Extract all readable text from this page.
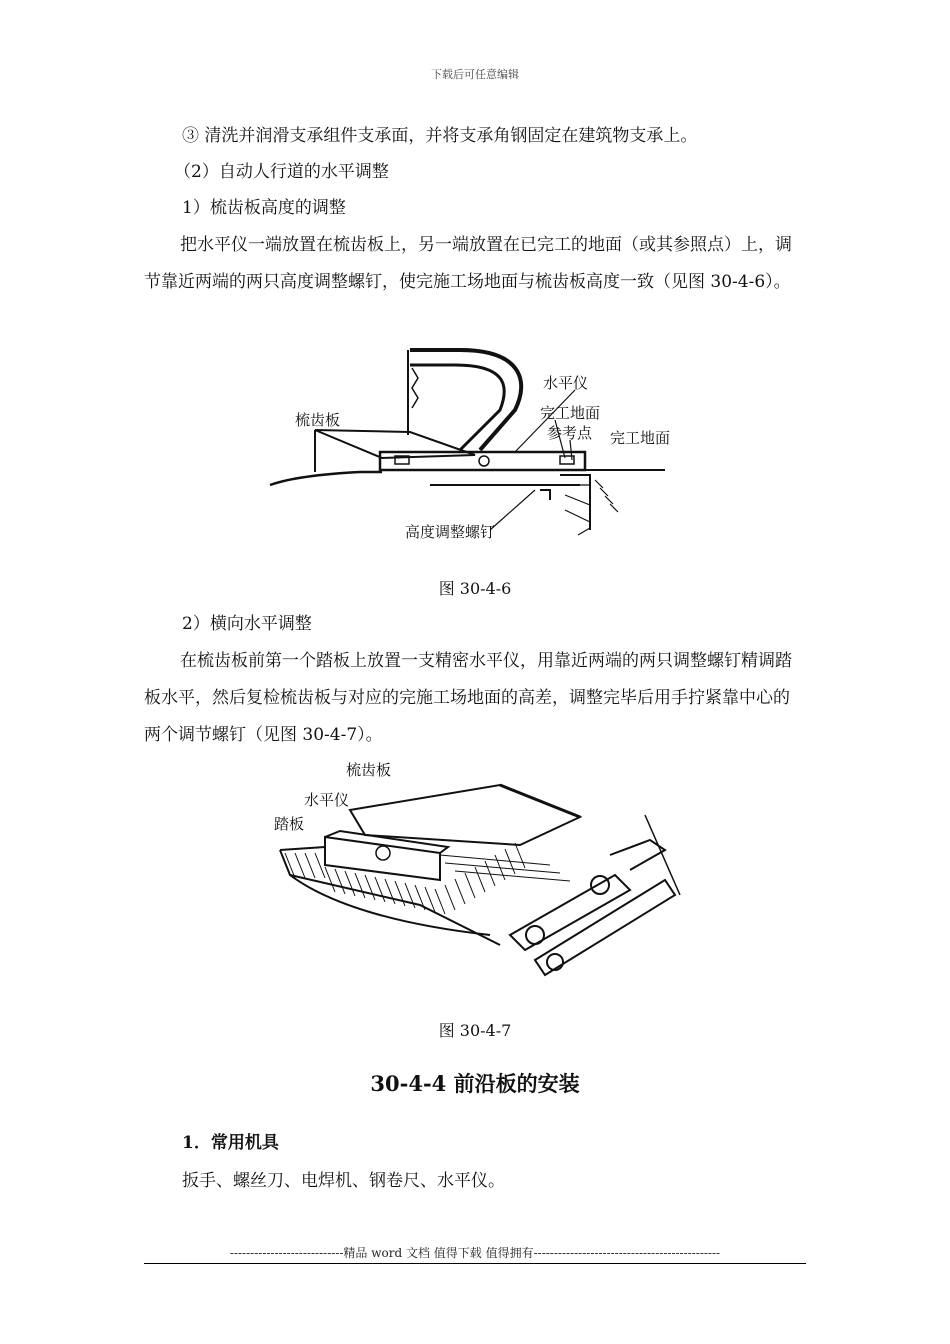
下载后可任意编辑

③ 清洗并润滑支承组件支承面，并将支承角钢固定在建筑物支承上。

（2）自动人行道的水平调整

1）梳齿板高度的调整

把水平仪一端放置在梳齿板上，另一端放置在已完工的地面（或其参照点）上，调节靠近两端的两只高度调整螺钉，使完施工场地面与梳齿板高度一致（见图 30-4-6）。

梳齿板
水平仪
完工地面
参考点 完工地面
高度调整螺钉
图 30-4-6

2）横向水平调整

在梳齿板前第一个踏板上放置一支精密水平仪，用靠近两端的两只调整螺钉精调踏板水平，然后复检梳齿板与对应的完施工场地面的高差，调整完毕后用手拧紧靠中心的两个调节螺钉（见图 30-4-7）。

梳齿板
水平仪
踏板
图 30-4-7
30-4-4 前沿板的安装
1．常用机具

扳手、螺丝刀、电焊机、钢卷尺、水平仪。

----------------------------精品 word 文档 值得下载 值得拥有----------------------------------------------
